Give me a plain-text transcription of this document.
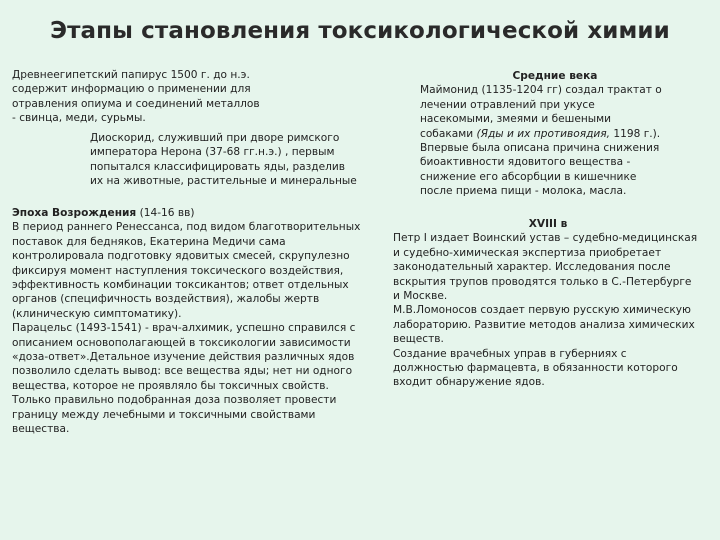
Этапы становления токсикологической химии

Древнеегипетский папирус 1500 г. до н.э.

содержит информацию о применении для

отравления опиума и соединений металлов

- свинца, меди, сурьмы.

Диоскорид, служивший при дворе римского

императора Нерона (37-68 гг.н.э.) , первым

попытался классифицировать яды, разделив

их на животные, растительные и минеральные

Эпоха Возрождения (14-16 вв)

В период раннего Ренессанса, под видом благотворительных

поставок для бедняков, Екатерина Медичи сама

контролировала подготовку ядовитых смесей, скрупулезно

фиксируя момент наступления токсического воздействия,

эффективность комбинации токсикантов; ответ отдельных

органов (специфичность воздействия), жалобы жертв

(клиническую симптоматику).

Парацельс (1493-1541) - врач-алхимик, успешно справился с

описанием основополагающей в токсикологии зависимости

«доза-ответ».Детальное изучение действия различных ядов

позволило сделать вывод: все вещества яды; нет ни одного

вещества, которое не проявляло бы токсичных свойств.

Только правильно подобранная доза позволяет провести

границу между лечебными и токсичными свойствами

вещества.

Средние века

Маймонид (1135-1204 гг) создал трактат о

лечении отравлений при укусе

насекомыми, змеями и бешеными

собаками (Яды и их противоядия, 1198 г.).

Впервые была описана причина снижения

биоактивности ядовитого вещества -

снижение его абсорбции в кишечнике

после приема пищи - молока, масла.

XVIII в

Петр I издает Воинский устав – судебно-медицинская

и судебно-химическая экспертиза приобретает

законодательный характер. Исследования после

вскрытия трупов проводятся только в С.-Петербурге

и Москве.

М.В.Ломоносов создает первую русскую химическую

лабораторию. Развитие методов анализа химических

веществ.

Создание врачебных управ в губерниях с

должностью фармацевта, в обязанности которого

входит обнаружение ядов.
